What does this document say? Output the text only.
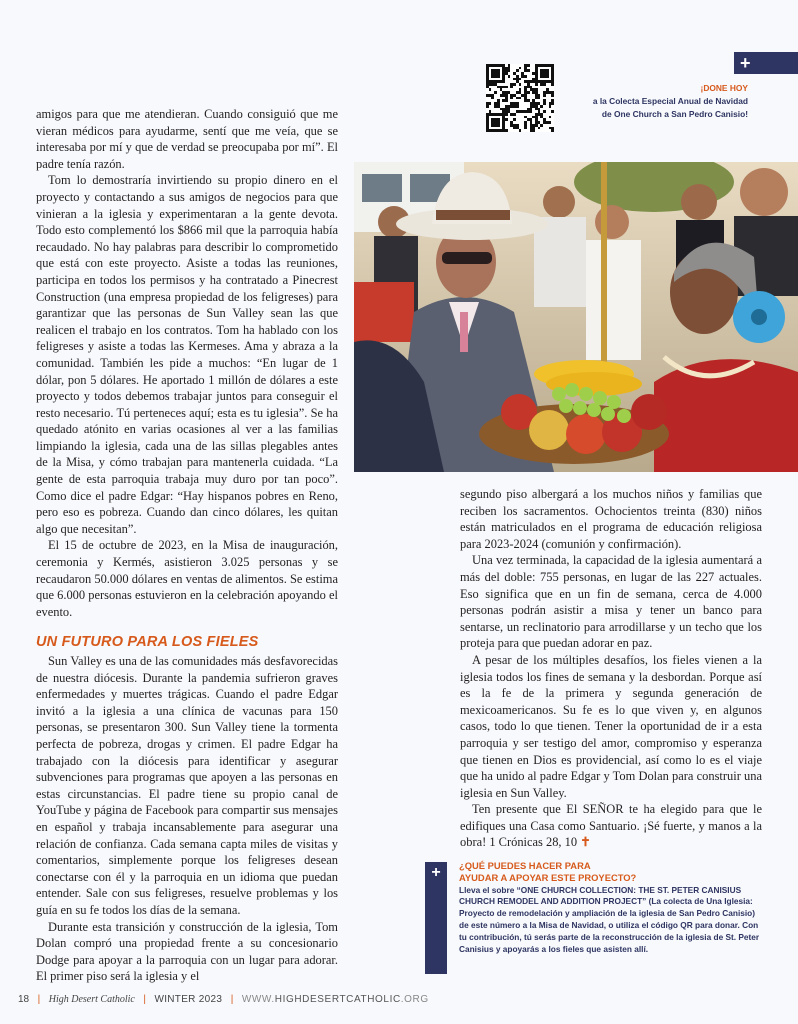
+
¡DONE HOY
a la Colecta Especial Anual de Navidad
de One Church a San Pedro Canisio!

amigos para que me atendieran. Cuando consiguió que me vieran médicos para ayudarme, sentí que me veía, que se interesaba por mí y que de verdad se preocupaba por mí”. El padre tenía razón.

Tom lo demostraría invirtiendo su propio dinero en el proyecto y contactando a sus amigos de negocios para que vinieran a la iglesia y experimentaran a la gente devota. Todo esto complementó los $866 mil que la parroquia había recaudado. No hay palabras para describir lo comprometido que está con este proyecto. Asiste a todas las reuniones, participa en todos los permisos y ha contratado a Pinecrest Construction (una empresa propiedad de los feligreses) para garantizar que las personas de Sun Valley sean las que realicen el trabajo en los contratos. Tom ha hablado con los feligreses y asiste a todas las Kermeses. Ama y abraza a la comunidad. También les pide a muchos: “En lugar de 1 dólar, pon 5 dólares. He aportado 1 millón de dólares a este proyecto y todos debemos trabajar juntos para conseguir el resto necesario. Tú perteneces aquí; esta es tu iglesia”. Se ha quedado atónito en varias ocasiones al ver a las familias limpiando la iglesia, cada una de las sillas plegables antes de la Misa, y cómo trabajan para mantenerla cuidada. “La gente de esta parroquia trabaja muy duro por tan poco”. Como dice el padre Edgar: “Hay hispanos pobres en Reno, pero eso es pobreza. Cuando dan cinco dólares, les quitan algo que necesitan”.

El 15 de octubre de 2023, en la Misa de inauguración, ceremonia y Kermés, asistieron 3.025 personas y se recaudaron 50.000 dólares en ventas de alimentos. Se estima que 6.000 personas estuvieron en la celebración apoyando el evento.

UN FUTURO PARA LOS FIELES

Sun Valley es una de las comunidades más desfavorecidas de nuestra diócesis. Durante la pandemia sufrieron graves enfermedades y muertes trágicas. Cuando el padre Edgar invitó a la iglesia a una clínica de vacunas para 150 personas, se presentaron 300. Sun Valley tiene la tormenta perfecta de pobreza, drogas y crimen. El padre Edgar ha trabajado con la diócesis para identificar y asegurar subvenciones para programas que apoyen a las personas en estas circunstancias. El padre tiene su propio canal de YouTube y página de Facebook para compartir sus mensajes en español y trabaja incansablemente para asegurar una relación de confianza. Cada semana capta miles de visitas y comentarios, simplemente porque los feligreses desean conectarse con él y la parroquia en un idioma que puedan entender. Sale con sus feligreses, resuelve problemas y los guía en su fe todos los días de la semana.

Durante esta transición y construcción de la iglesia, Tom Dolan compró una propiedad frente a su concesionario Dodge para apoyar a la parroquia con un lugar para adorar. El primer piso será la iglesia y el

segundo piso albergará a los muchos niños y familias que reciben los sacramentos. Ochocientos treinta (830) niños están matriculados en el programa de educación religiosa para 2023-2024 (comunión y confirmación).

Una vez terminada, la capacidad de la iglesia aumentará a más del doble: 755 personas, en lugar de las 227 actuales. Eso significa que en un fin de semana, cerca de 4.000 personas podrán asistir a misa y tener un banco para sentarse, un reclinatorio para arrodillarse y un techo que los proteja para que puedan adorar en paz.

A pesar de los múltiples desafíos, los fieles vienen a la iglesia todos los fines de semana y la desbordan. Porque así es la fe de la primera y segunda generación de mexicoamericanos. Su fe es lo que viven y, en algunos casos, todo lo que tienen. Tener la oportunidad de ir a esta parroquia y ser testigo del amor, compromiso y esperanza que tienen en Dios es providencial, así como lo es el viaje que ha unido al padre Edgar y Tom Dolan para construir una iglesia en Sun Valley.

Ten presente que El SEÑOR te ha elegido para que le edifiques una Casa como Santuario. ¡Sé fuerte, y manos a la obra! 1 Crónicas 28, 10 ✝

+ ¿QUÉ PUEDES HACER PARA
AYUDAR A APOYAR ESTE PROYECTO?
Lleva el sobre “ONE CHURCH COLLECTION: THE ST. PETER CANISIUS CHURCH REMODEL AND ADDITION PROJECT” (La colecta de Una Iglesia: Proyecto de remodelación y ampliación de la iglesia de San Pedro Canisio) de este número a la Misa de Navidad, o utiliza el código QR para donar. Con tu contribución, tú serás parte de la reconstrucción de la iglesia de St. Peter Canisius y apoyarás a los fieles que asisten allí.
18 | High Desert Catholic | WINTER 2023 | WWW.HIGHDESERTCATHOLIC.ORG
